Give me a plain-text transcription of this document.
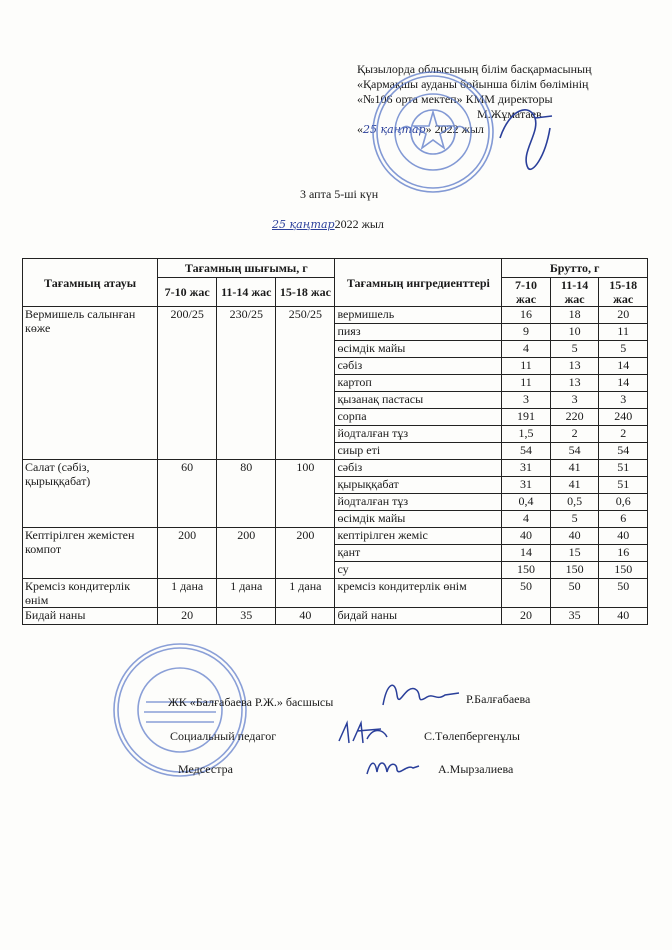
Қызылорда облысының білім басқармасының
«Қармақшы ауданы бойынша білім бөлімінің
«№106 орта мектеп» КММ директоры
М.Жұматаев
«25 қаңтар» 2022 жыл
3 апта 5-ші күн
25 қаңтар2022 жыл
Тағамның атауы	Тағамның шығымы, г			Тағамның ингредиенттері	Брутто, г		
	7-10 жас	11-14 жас	15-18 жас		7-10 жас	11-14 жас	15-18 жас
Вермишель салынған көже	200/25	230/25	250/25	вермишель	16	18	20
				пияз	9	10	11
				өсімдік майы	4	5	5
				сәбіз	11	13	14
				картоп	11	13	14
				қызанақ пастасы	3	3	3
				сорпа	191	220	240
				йодталған тұз	1,5	2	2
				сиыр еті	54	54	54
Салат (сәбіз, қырыққабат)	60	80	100	сәбіз	31	41	51
				қырыққабат	31	41	51
				йодталған тұз	0,4	0,5	0,6
				өсімдік майы	4	5	6
Кептірілген жемістен компот	200	200	200	кептірілген жеміс	40	40	40
				қант	14	15	16
				су	150	150	150
Кремсіз кондитерлік өнім	1 дана	1 дана	1 дана	кремсіз кондитерлік өнім	50	50	50
Бидай наны	20	35	40	бидай наны	20	35	40
ЖК «Балғабаева Р.Ж.» басшысы	Р.Балғабаева
Социальный педагог	С.Төлепбергенұлы
Медсестра	А.Мырзалиева
